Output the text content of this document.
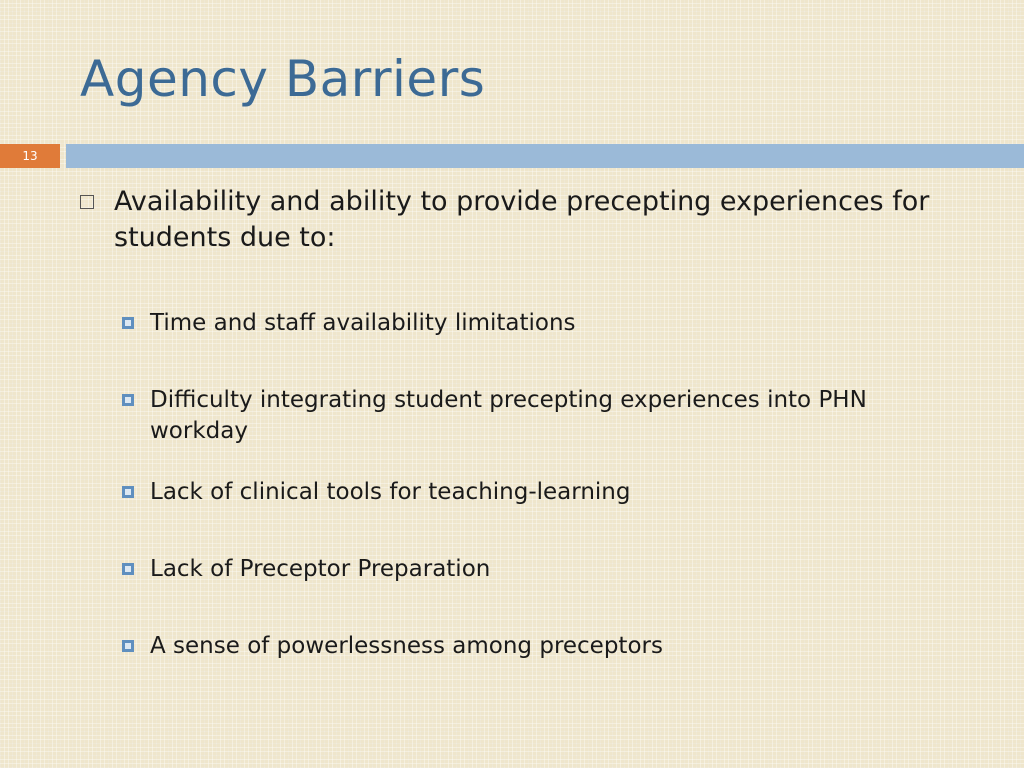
Agency Barriers
13
Availability and ability to provide precepting experiences for students due to:
Time and staff availability limitations
Difficulty integrating student precepting experiences into PHN workday
Lack of clinical tools for teaching-learning
Lack of Preceptor Preparation
A sense of powerlessness among preceptors
